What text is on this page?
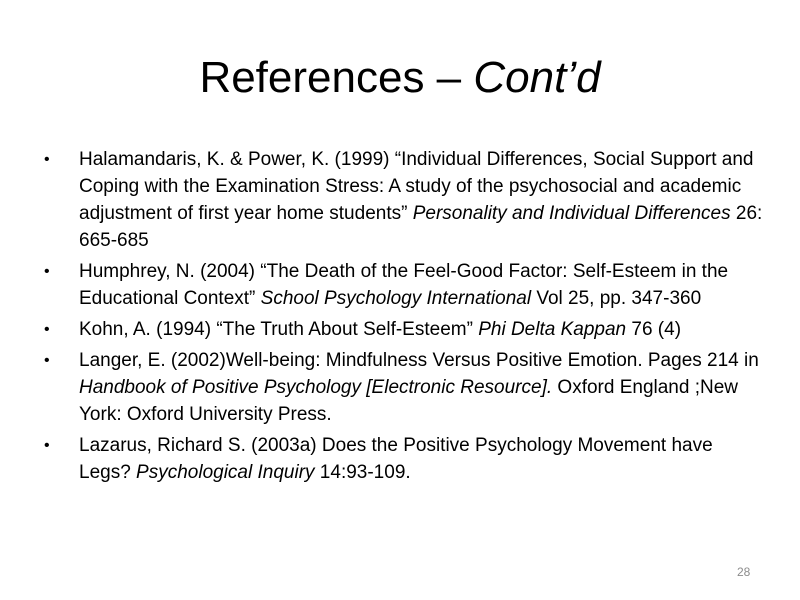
References – Cont’d
• Halamandaris, K. & Power, K. (1999) “Individual Differences, Social Support and Coping with the Examination Stress: A study of the psychosocial and academic adjustment of first year home students” Personality and Individual Differences 26: 665-685
• Humphrey, N. (2004) “The Death of the Feel-Good Factor: Self-Esteem in the Educational Context” School Psychology International Vol 25, pp. 347-360
• Kohn, A. (1994) “The Truth About Self-Esteem” Phi Delta Kappan 76 (4)
• Langer, E. (2002)Well-being: Mindfulness Versus Positive Emotion. Pages 214 in Handbook of Positive Psychology [Electronic Resource]. Oxford England ;New York: Oxford University Press.
• Lazarus, Richard S. (2003a) Does the Positive Psychology Movement have Legs? Psychological Inquiry 14:93-109.
28
